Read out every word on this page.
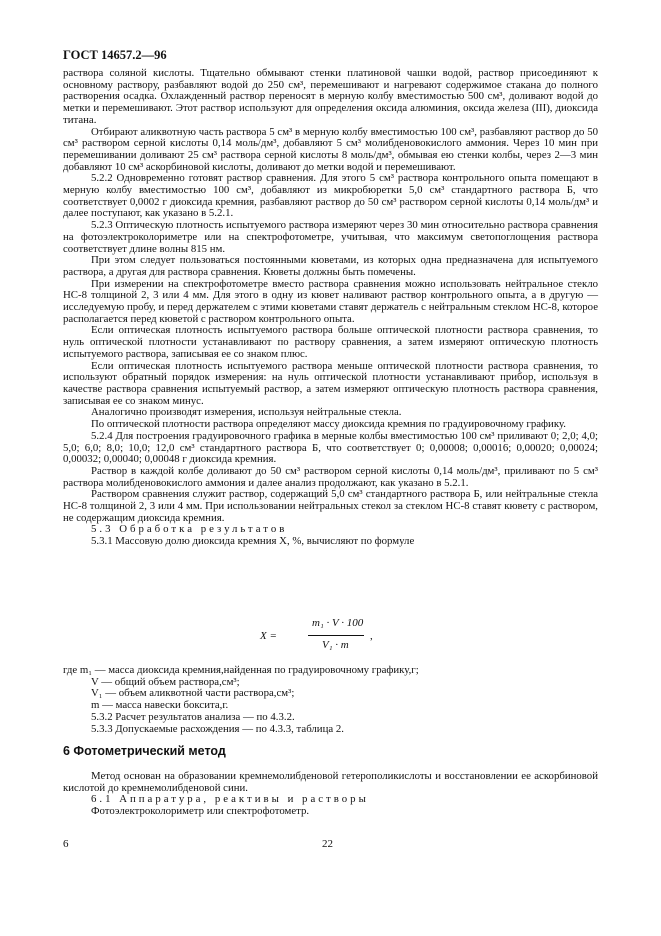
ГОСТ 14657.2—96

раствора соляной кислоты. Тщательно обмывают стенки платиновой чашки водой, раствор присоединяют к основному раствору, разбавляют водой до 250 см³, перемешивают и нагревают содержимое стакана до полного растворения осадка. Охлажденный раствор переносят в мерную колбу вместимостью 500 см³, доливают водой до метки и перемешивают. Этот раствор используют для определения оксида алюминия, оксида железа (III), диоксида титана.

Отбирают аликвотную часть раствора 5 см³ в мерную колбу вместимостью 100 см³, разбавляют раствор до 50 см³ раствором серной кислоты 0,14 моль/дм³, добавляют 5 см³ молибденовокислого аммония. Через 10 мин при перемешивании доливают 25 см³ раствора серной кислоты 8 моль/дм³, обмывая ею стенки колбы, через 2—3 мин добавляют 10 см³ аскорбиновой кислоты, доливают до метки водой и перемешивают.

5.2.2 Одновременно готовят раствор сравнения. Для этого 5 см³ раствора контрольного опыта помещают в мерную колбу вместимостью 100 см³, добавляют из микробюретки 5,0 см³ стандартного раствора Б, что соответствует 0,0002 г диоксида кремния, разбавляют раствор до 50 см³ раствором серной кислоты 0,14 моль/дм³ и далее поступают, как указано в 5.2.1.

5.2.3 Оптическую плотность испытуемого раствора измеряют через 30 мин относительно раствора сравнения на фотоэлектроколориметре или на спектрофотометре, учитывая, что максимум светопоглощения раствора соответствует длине волны 815 нм.

При этом следует пользоваться постоянными кюветами, из которых одна предназначена для испытуемого раствора, а другая для раствора сравнения. Кюветы должны быть помечены.

При измерении на спектрофотометре вместо раствора сравнения можно использовать нейтральное стекло НС-8 толщиной 2, 3 или 4 мм. Для этого в одну из кювет наливают раствор контрольного опыта, а в другую — исследуемую пробу, и перед держателем с этими кюветами ставят держатель с нейтральным стеклом НС-8, которое располагается перед кюветой с раствором контрольного опыта.

Если оптическая плотность испытуемого раствора больше оптической плотности раствора сравнения, то нуль оптической плотности устанавливают по раствору сравнения, а затем измеряют оптическую плотность испытуемого раствора, записывая ее со знаком плюс.

Если оптическая плотность испытуемого раствора меньше оптической плотности раствора сравнения, то используют обратный порядок измерения: на нуль оптической плотности устанавливают прибор, используя в качестве раствора сравнения испытуемый раствор, а затем измеряют оптическую плотность раствора сравнения, записывая ее со знаком минус.

Аналогично производят измерения, используя нейтральные стекла.

По оптической плотности раствора определяют массу диоксида кремния по градуировочному графику.

5.2.4 Для построения градуировочного графика в мерные колбы вместимостью 100 см³ приливают 0; 2,0; 4,0; 5,0; 6,0; 8,0; 10,0; 12,0 см³ стандартного раствора Б, что соответствует 0; 0,00008; 0,00016; 0,00020; 0,00024; 0,00032; 0,00040; 0,00048 г диоксида кремния.

Раствор в каждой колбе доливают до 50 см³ раствором серной кислоты 0,14 моль/дм³, приливают по 5 см³ раствора молибденовокислого аммония и далее анализ продолжают, как указано в 5.2.1.

Раствором сравнения служит раствор, содержащий 5,0 см³ стандартного раствора Б, или нейтральные стекла НС-8 толщиной 2, 3 или 4 мм. При использовании нейтральных стекол за стеклом НС-8 ставят кювету с раствором, не содержащим диоксида кремния.

5.3 Обработка результатов

5.3.1 Массовую долю диоксида кремния X, %, вычисляют по формуле

X =
m₁ · V · 100
V₁ · m
,

где m₁ — масса диоксида кремния,найденная по градуировочному графику,г;

V — общий объем раствора,см³;

V₁ — объем аликвотной части раствора,см³;

m — масса навески боксита,г.

5.3.2 Расчет результатов анализа — по 4.3.2.

5.3.3 Допускаемые расхождения — по 4.3.3, таблица 2.

6 Фотометрический метод

Метод основан на образовании кремнемолибденовой гетерополикислоты и восстановлении ее аскорбиновой кислотой до кремнемолибденовой сини.

6.1 Аппаратура, реактивы и растворы

Фотоэлектроколориметр или спектрофотометр.

6	22
